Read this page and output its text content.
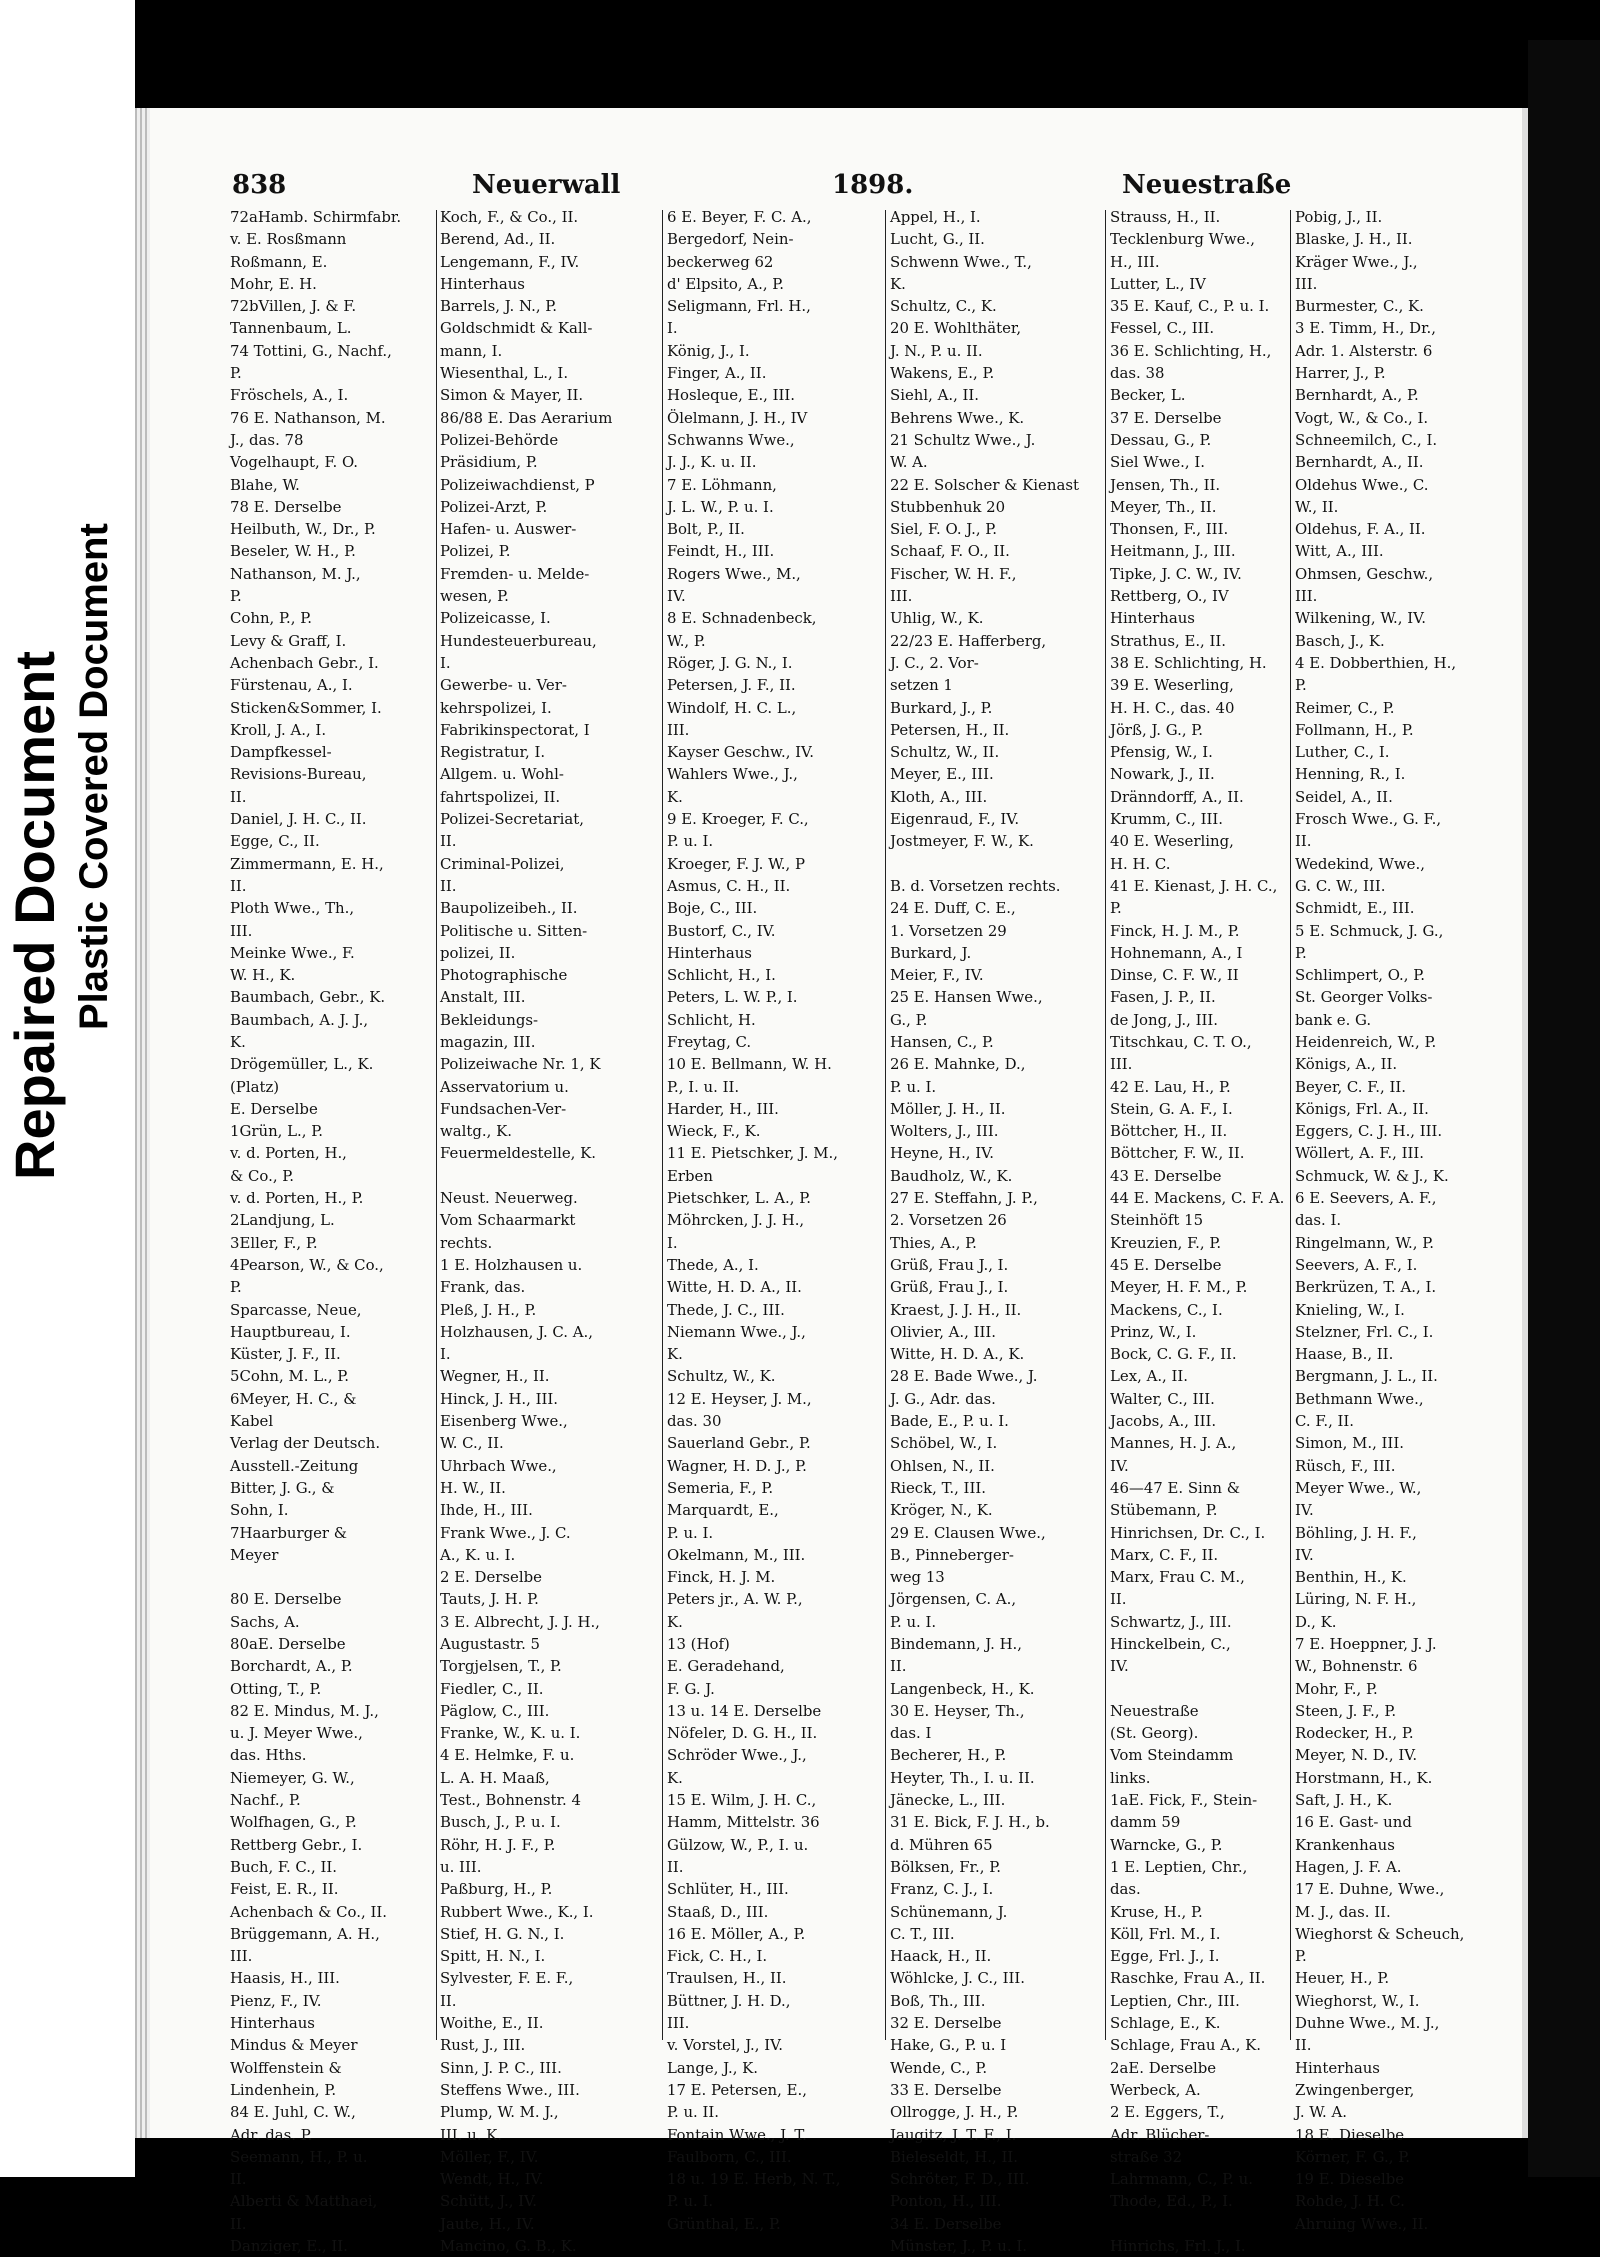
Repaired Document Plastic Covered Document
838	Neuerwall	1898.	Neuestraße
72aHamb. Schirmfabr.
v. E. Rosßmann
Roßmann, E.
Mohr, E. H.
72bVillen, J. & F.
Tannenbaum, L.
74 Tottini, G., Nachf.,
P.
Fröschels, A., I.
76 E. Nathanson, M.
J., das. 78
Vogelhaupt, F. O.
Blahe, W.
78 E. Derselbe
Heilbuth, W., Dr., P.
Beseler, W. H., P.
Nathanson, M. J.,
P.
Cohn, P., P.
Levy & Graff, I.
Achenbach Gebr., I.
Fürstenau, A., I.
Sticken&Sommer, I.
Kroll, J. A., I.
Dampfkessel-
Revisions-Bureau,
II.
Daniel, J. H. C., II.
Egge, C., II.
Zimmermann, E. H.,
II.
Ploth Wwe., Th.,
III.
Meinke Wwe., F.
W. H., K.
Baumbach, Gebr., K.
Baumbach, A. J. J.,
K.
Drögemüller, L., K.
(Platz)
E. Derselbe
1Grün, L., P.
v. d. Porten, H.,
& Co., P.
v. d. Porten, H., P.
2Landjung, L.
3Eller, F., P.
4Pearson, W., & Co.,
P.
Sparcasse, Neue,
Hauptbureau, I.
Küster, J. F., II.
5Cohn, M. L., P.
6Meyer, H. C., &
Kabel
Verlag der Deutsch.
Ausstell.-Zeitung
Bitter, J. G., &
Sohn, I.
7Haarburger &
Meyer
80 E. Derselbe
Sachs, A.
80aE. Derselbe
Borchardt, A., P.
Otting, T., P.
82 E. Mindus, M. J.,
u. J. Meyer Wwe.,
das. Hths.
Niemeyer, G. W.,
Nachf., P.
Wolfhagen, G., P.
Rettberg Gebr., I.
Buch, F. C., II.
Feist, E. R., II.
Achenbach & Co., II.
Brüggemann, A. H.,
III.
Haasis, H., III.
Pienz, F., IV.
Hinterhaus
Mindus & Meyer
Wolffenstein &
Lindenhein, P.
84 E. Juhl, C. W.,
Adr. das. P.
Seemann, H., P. u.
II.
Alberti & Matthaei,
II.
Danziger, E., II.
Koch, F., & Co., II.
Berend, Ad., II.
Lengemann, F., IV.
Hinterhaus
Barrels, J. N., P.
Goldschmidt & Kall-
mann, I.
Wiesenthal, L., I.
Simon & Mayer, II.
86/88 E. Das Aerarium
Polizei-Behörde
Präsidium, P.
Polizeiwachdienst, P
Polizei-Arzt, P.
Hafen- u. Auswer-
Polizei, P.
Fremden- u. Melde-
wesen, P.
Polizeicasse, I.
Hundesteuerbureau,
I.
Gewerbe- u. Ver-
kehrspolizei, I.
Fabrikinspectorat, I
Registratur, I.
Allgem. u. Wohl-
fahrtspolizei, II.
Polizei-Secretariat,
II.
Criminal-Polizei,
II.
Baupolizeibeh., II.
Politische u. Sitten-
polizei, II.
Photographische
Anstalt, III.
Bekleidungs-
magazin, III.
Polizeiwache Nr. 1, K
Asservatorium u.
Fundsachen-Ver-
waltg., K.
Feuermeldestelle, K.
Neust. Neuerweg.
Vom Schaarmarkt
rechts.
1 E. Holzhausen u.
Frank, das.
Pleß, J. H., P.
Holzhausen, J. C. A.,
I.
Wegner, H., II.
Hinck, J. H., III.
Eisenberg Wwe.,
W. C., II.
Uhrbach Wwe.,
H. W., II.
Ihde, H., III.
Frank Wwe., J. C.
A., K. u. I.
2 E. Derselbe
Tauts, J. H. P.
3 E. Albrecht, J. J. H.,
Augustastr. 5
Torgjelsen, T., P.
Fiedler, C., II.
Päglow, C., III.
Franke, W., K. u. I.
4 E. Helmke, F. u.
L. A. H. Maaß,
Test., Bohnenstr. 4
Busch, J., P. u. I.
Röhr, H. J. F., P.
u. III.
Paßburg, H., P.
Rubbert Wwe., K., I.
Stief, H. G. N., I.
Spitt, H. N., I.
Sylvester, F. E. F.,
II.
Woithe, E., II.
Rust, J., III.
Sinn, J. P. C., III.
Steffens Wwe., III.
Plump, W. M. J.,
III. u. K.
Möller, F., IV.
Wendt, H., IV.
Schütt, J., IV.
Jaute, H., IV.
Mancino, G. B., K.
6 E. Beyer, F. C. A.,
Bergedorf, Nein-
beckerweg 62
d' Elpsito, A., P.
Seligmann, Frl. H.,
I.
König, J., I.
Finger, A., II.
Hosleque, E., III.
Ölelmann, J. H., IV
Schwanns Wwe.,
J. J., K. u. II.
7 E. Löhmann,
J. L. W., P. u. I.
Bolt, P., II.
Feindt, H., III.
Rogers Wwe., M.,
IV.
8 E. Schnadenbeck,
W., P.
Röger, J. G. N., I.
Petersen, J. F., II.
Windolf, H. C. L.,
III.
Kayser Geschw., IV.
Wahlers Wwe., J.,
K.
9 E. Kroeger, F. C.,
P. u. I.
Kroeger, F. J. W., P
Asmus, C. H., II.
Boje, C., III.
Bustorf, C., IV.
Hinterhaus
Schlicht, H., I.
Peters, L. W. P., I.
Schlicht, H.
Freytag, C.
10 E. Bellmann, W. H.
P., I. u. II.
Harder, H., III.
Wieck, F., K.
11 E. Pietschker, J. M.,
Erben
Pietschker, L. A., P.
Möhrcken, J. J. H.,
I.
Thede, A., I.
Witte, H. D. A., II.
Thede, J. C., III.
Niemann Wwe., J.,
K.
Schultz, W., K.
12 E. Heyser, J. M.,
das. 30
Sauerland Gebr., P.
Wagner, H. D. J., P.
Semeria, F., P.
Marquardt, E.,
P. u. I.
Okelmann, M., III.
Finck, H. J. M.
Peters jr., A. W. P.,
K.
13 (Hof)
E. Geradehand,
F. G. J.
13 u. 14 E. Derselbe
Nöfeler, D. G. H., II.
Schröder Wwe., J.,
K.
15 E. Wilm, J. H. C.,
Hamm, Mittelstr. 36
Gülzow, W., P., I. u.
II.
Schlüter, H., III.
Staaß, D., III.
16 E. Möller, A., P.
Fick, C. H., I.
Traulsen, H., II.
Büttner, J. H. D.,
III.
v. Vorstel, J., IV.
Lange, J., K.
17 E. Petersen, E.,
P. u. II.
Fontain Wwe., J. T.
Faulborn, C., III.
18 u. 19 E. Herb, N. T.,
P. u. I.
Grünthal, E., P.
Appel, H., I.
Lucht, G., II.
Schwenn Wwe., T.,
K.
Schultz, C., K.
20 E. Wohlthäter,
J. N., P. u. II.
Wakens, E., P.
Siehl, A., II.
Behrens Wwe., K.
21 Schultz Wwe., J.
W. A.
22 E. Solscher & Kienast
Stubbenhuk 20
Siel, F. O. J., P.
Schaaf, F. O., II.
Fischer, W. H. F.,
III.
Uhlig, W., K.
22/23 E. Hafferberg,
J. C., 2. Vor-
setzen 1
Burkard, J., P.
Petersen, H., II.
Schultz, W., II.
Meyer, E., III.
Kloth, A., III.
Eigenraud, F., IV.
Jostmeyer, F. W., K.
B. d. Vorsetzen rechts.
24 E. Duff, C. E.,
1. Vorsetzen 29
Burkard, J.
Meier, F., IV.
25 E. Hansen Wwe.,
G., P.
Hansen, C., P.
26 E. Mahnke, D.,
P. u. I.
Möller, J. H., II.
Wolters, J., III.
Heyne, H., IV.
Baudholz, W., K.
27 E. Steffahn, J. P.,
2. Vorsetzen 26
Thies, A., P.
Grüß, Frau J., I.
Grüß, Frau J., I.
Kraest, J. J. H., II.
Olivier, A., III.
Witte, H. D. A., K.
28 E. Bade Wwe., J.
J. G., Adr. das.
Bade, E., P. u. I.
Schöbel, W., I.
Ohlsen, N., II.
Rieck, T., III.
Kröger, N., K.
29 E. Clausen Wwe.,
B., Pinneberger-
weg 13
Jörgensen, C. A.,
P. u. I.
Bindemann, J. H.,
II.
Langenbeck, H., K.
30 E. Heyser, Th.,
das. I
Becherer, H., P.
Heyter, Th., I. u. II.
Jänecke, L., III.
31 E. Bick, F. J. H., b.
d. Mühren 65
Bölksen, Fr., P.
Franz, C. J., I.
Schünemann, J.
C. T., III.
Haack, H., II.
Wöhlcke, J. C., III.
Boß, Th., III.
32 E. Derselbe
Hake, G., P. u. I
Wende, C., P.
33 E. Derselbe
Ollrogge, J. H., P.
Jaugitz, J. T. F., I.
Bieleseldt, H., II.
Schröter, F. D., III.
Ponton, H., III.
34 E. Derselbe
Münster, J., P. u. I.
Strauss, H., II.
Tecklenburg Wwe.,
H., III.
Lutter, L., IV
35 E. Kauf, C., P. u. I.
Fessel, C., III.
36 E. Schlichting, H.,
das. 38
Becker, L.
37 E. Derselbe
Dessau, G., P.
Siel Wwe., I.
Jensen, Th., II.
Meyer, Th., II.
Thonsen, F., III.
Heitmann, J., III.
Tipke, J. C. W., IV.
Rettberg, O., IV
Hinterhaus
Strathus, E., II.
38 E. Schlichting, H.
39 E. Weserling,
H. H. C., das. 40
Jörß, J. G., P.
Pfensig, W., I.
Nowark, J., II.
Dränndorff, A., II.
Krumm, C., III.
40 E. Weserling,
H. H. C.
41 E. Kienast, J. H. C.,
P.
Finck, H. J. M., P.
Hohnemann, A., I
Dinse, C. F. W., II
Fasen, J. P., II.
de Jong, J., III.
Titschkau, C. T. O.,
III.
42 E. Lau, H., P.
Stein, G. A. F., I.
Böttcher, H., II.
Böttcher, F. W., II.
43 E. Derselbe
44 E. Mackens, C. F. A.
Steinhöft 15
Kreuzien, F., P.
45 E. Derselbe
Meyer, H. F. M., P.
Mackens, C., I.
Prinz, W., I.
Bock, C. G. F., II.
Lex, A., II.
Walter, C., III.
Jacobs, A., III.
Mannes, H. J. A.,
IV.
46—47 E. Sinn &
Stübemann, P.
Hinrichsen, Dr. C., I.
Marx, C. F., II.
Marx, Frau C. M.,
II.
Schwartz, J., III.
Hinckelbein, C.,
IV.
Neuestraße
(St. Georg).
Vom Steindamm
links.
1aE. Fick, F., Stein-
damm 59
Warncke, G., P.
1 E. Leptien, Chr.,
das.
Kruse, H., P.
Köll, Frl. M., I.
Egge, Frl. J., I.
Raschke, Frau A., II.
Leptien, Chr., III.
Schlage, E., K.
Schlage, Frau A., K.
2aE. Derselbe
Werbeck, A.
2 E. Eggers, T.,
Adr. Blücher-
straße 32
Lahrmann, C., P. u.
Thode, Ed., P., I.
Hinrichs, Frl. J., I.
Pobig, J., II.
Blaske, J. H., II.
Kräger Wwe., J.,
III.
Burmester, C., K.
3 E. Timm, H., Dr.,
Adr. 1. Alsterstr. 6
Harrer, J., P.
Bernhardt, A., P.
Vogt, W., & Co., I.
Schneemilch, C., I.
Bernhardt, A., II.
Oldehus Wwe., C.
W., II.
Oldehus, F. A., II.
Witt, A., III.
Ohmsen, Geschw.,
III.
Wilkening, W., IV.
Basch, J., K.
4 E. Dobberthien, H.,
P.
Reimer, C., P.
Follmann, H., P.
Luther, C., I.
Henning, R., I.
Seidel, A., II.
Frosch Wwe., G. F.,
II.
Wedekind, Wwe.,
G. C. W., III.
Schmidt, E., III.
5 E. Schmuck, J. G.,
P.
Schlimpert, O., P.
St. Georger Volks-
bank e. G.
Heidenreich, W., P.
Königs, A., II.
Beyer, C. F., II.
Königs, Frl. A., II.
Eggers, C. J. H., III.
Wöllert, A. F., III.
Schmuck, W. & J., K.
6 E. Seevers, A. F.,
das. I.
Ringelmann, W., P.
Seevers, A. F., I.
Berkrüzen, T. A., I.
Knieling, W., I.
Stelzner, Frl. C., I.
Haase, B., II.
Bergmann, J. L., II.
Bethmann Wwe.,
C. F., II.
Simon, M., III.
Rüsch, F., III.
Meyer Wwe., W.,
IV.
Böhling, J. H. F.,
IV.
Benthin, H., K.
Lüring, N. F. H.,
D., K.
7 E. Hoeppner, J. J.
W., Bohnenstr. 6
Mohr, F., P.
Steen, J. F., P.
Rodecker, H., P.
Meyer, N. D., IV.
Horstmann, H., K.
Saft, J. H., K.
16 E. Gast- und
Krankenhaus
Hagen, J. F. A.
17 E. Duhne, Wwe.,
M. J., das. II.
Wieghorst & Scheuch,
P.
Heuer, H., P.
Wieghorst, W., I.
Duhne Wwe., M. J.,
II.
Hinterhaus
Zwingenberger,
J. W. A.
18 E. Dieselbe
Körner, F. G., P.
19 E. Dieselbe
Rohde, J. H. C.
Ahruing Wwe., II.
